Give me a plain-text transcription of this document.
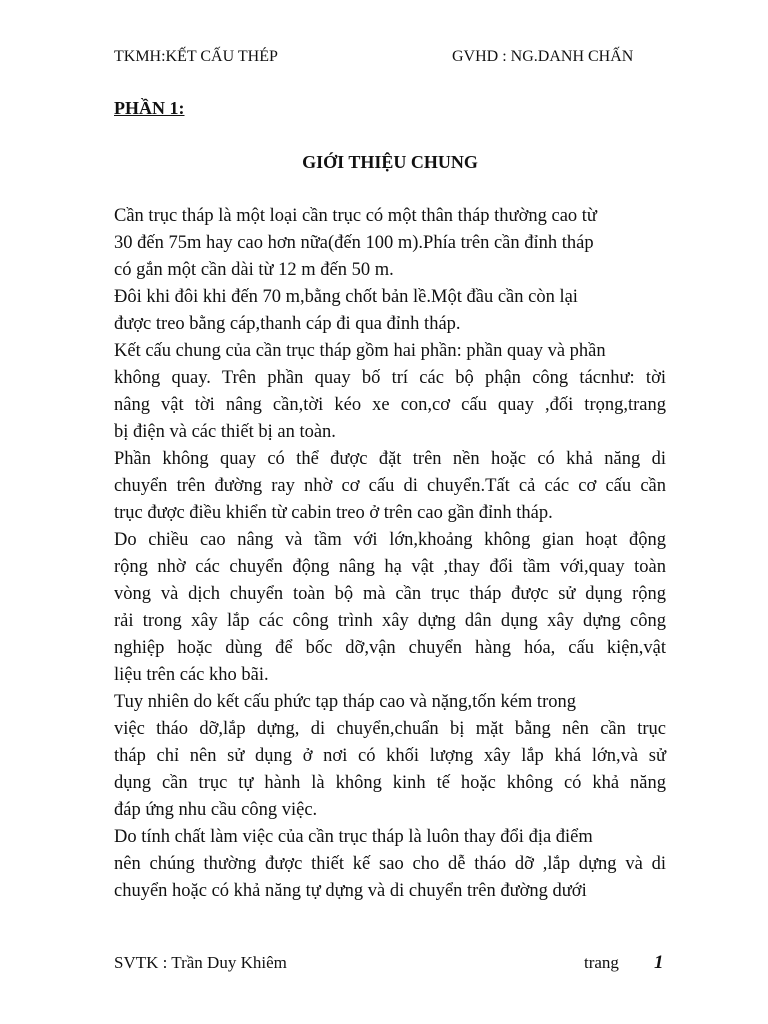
TKMH:KẾT CẤU THÉP	GVHD : NG.DANH CHẤN
PHẦN 1:
GIỚI THIỆU CHUNG
Cần trục tháp là một loại cần trục có một thân tháp thường cao từ
30 đến 75m hay cao hơn nữa(đến 100 m).Phía trên cần đỉnh tháp
có gắn một cần dài từ 12 m đến 50 m.
Đôi khi đôi khi đến 70 m,bằng chốt bản lề.Một đầu cần còn lại
được treo bằng cáp,thanh cáp đi qua đỉnh tháp.
Kết cấu chung của cần trục tháp gồm hai phần: phần quay và phần
không quay. Trên phần quay bố trí các bộ phận công tácnhư: tời
nâng vật tời nâng cần,tời kéo xe con,cơ cấu quay ,đối trọng,trang
bị điện và các thiết bị an toàn.
Phần không quay có thể được đặt trên nền hoặc có khả năng di
chuyển trên đường ray nhờ cơ cấu di chuyển.Tất cả các cơ cấu cần
trục được điều khiển từ cabin treo ở trên cao gần đỉnh tháp.
Do chiều cao nâng và tầm với lớn,khoảng không gian hoạt động
rộng nhờ các chuyển động nâng hạ vật ,thay đổi tầm với,quay toàn
vòng và dịch chuyển toàn bộ mà cần trục tháp được sử dụng rộng
rải trong xây lắp các công trình xây dựng dân dụng xây dựng công
nghiệp hoặc dùng để bốc dỡ,vận chuyển hàng hóa, cấu kiện,vật
liệu trên các kho bãi.
Tuy nhiên do kết cấu phức tạp tháp cao và nặng,tốn kém trong
việc tháo dỡ,lắp dựng, di chuyển,chuẩn bị mặt bằng nên cần trục
tháp chỉ nên sử dụng ở nơi có khối lượng xây lắp khá lớn,và sử
dụng cần trục tự hành là không kinh tế hoặc không có khả năng
đáp ứng nhu cầu công việc.
Do tính chất làm việc của cần trục tháp là luôn thay đổi địa điểm
nên chúng thường được thiết kế sao cho dễ tháo dỡ ,lắp dựng và di
chuyển hoặc có khả năng tự dựng và di chuyển trên đường dưới
SVTK : Trần Duy Khiêm	trang 1
